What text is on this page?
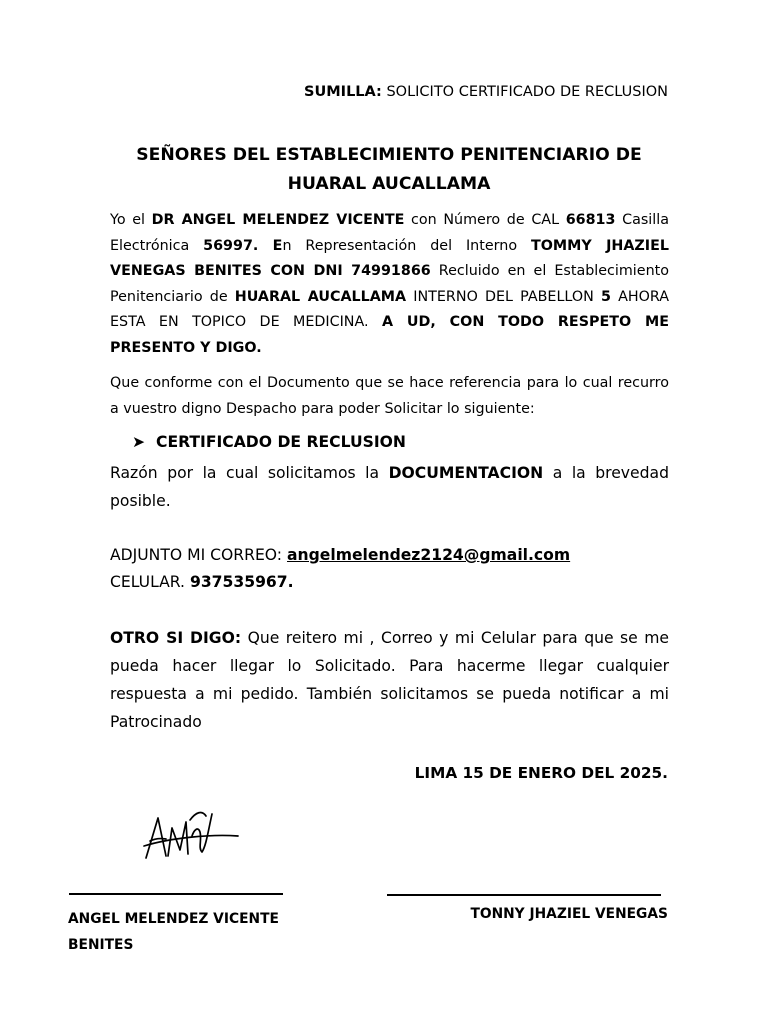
SUMILLA: SOLICITO CERTIFICADO DE RECLUSION
SEÑORES DEL ESTABLECIMIENTO PENITENCIARIO DE
HUARAL AUCALLAMA
Yo el DR ANGEL MELENDEZ VICENTE con Número de CAL 66813 Casilla Electrónica 56997. En Representación del Interno TOMMY JHAZIEL VENEGAS BENITES CON DNI 74991866 Recluido en el Establecimiento Penitenciario de HUARAL AUCALLAMA INTERNO DEL PABELLON 5 AHORA ESTA EN TOPICO DE MEDICINA. A UD, CON TODO RESPETO ME PRESENTO Y DIGO.
Que conforme con el Documento que se hace referencia para lo cual recurro a vuestro digno Despacho para poder Solicitar lo siguiente:
➤ CERTIFICADO DE RECLUSION
Razón por la cual solicitamos la DOCUMENTACION a la brevedad posible.
ADJUNTO MI CORREO: angelmelendez2124@gmail.com
CELULAR. 937535967.
OTRO SI DIGO: Que reitero mi , Correo y mi Celular para que se me pueda hacer llegar lo Solicitado. Para hacerme llegar cualquier respuesta a mi pedido. También solicitamos se pueda notificar a mi Patrocinado
LIMA 15 DE ENERO DEL 2025.
ANGEL MELENDEZ VICENTE BENITES
TONNY JHAZIEL VENEGAS
